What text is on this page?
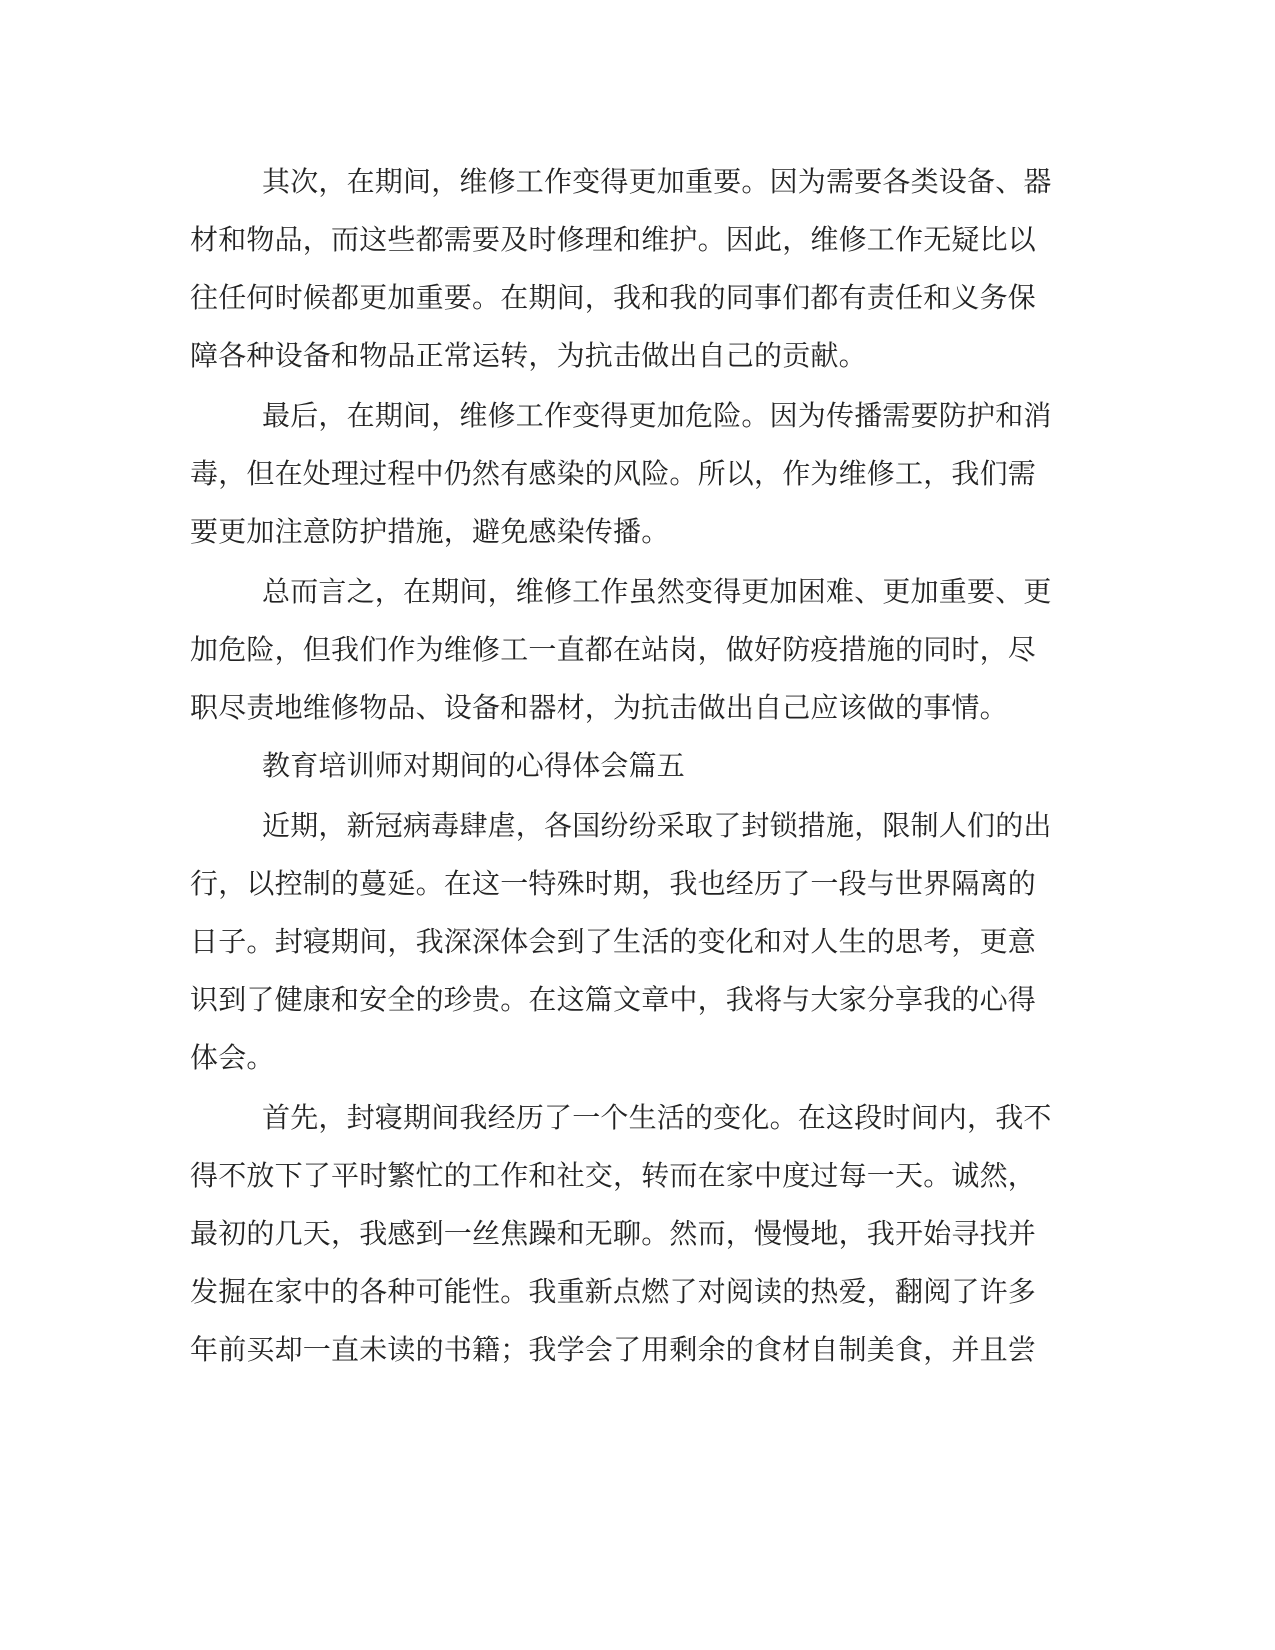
其次，在期间，维修工作变得更加重要。因为需要各类设备、器
材和物品，而这些都需要及时修理和维护。因此，维修工作无疑比以
往任何时候都更加重要。在期间，我和我的同事们都有责任和义务保
障各种设备和物品正常运转，为抗击做出自己的贡献。
最后，在期间，维修工作变得更加危险。因为传播需要防护和消
毒，但在处理过程中仍然有感染的风险。所以，作为维修工，我们需
要更加注意防护措施，避免感染传播。
总而言之，在期间，维修工作虽然变得更加困难、更加重要、更
加危险，但我们作为维修工一直都在站岗，做好防疫措施的同时，尽
职尽责地维修物品、设备和器材，为抗击做出自己应该做的事情。
教育培训师对期间的心得体会篇五
近期，新冠病毒肆虐，各国纷纷采取了封锁措施，限制人们的出
行，以控制的蔓延。在这一特殊时期，我也经历了一段与世界隔离的
日子。封寝期间，我深深体会到了生活的变化和对人生的思考，更意
识到了健康和安全的珍贵。在这篇文章中，我将与大家分享我的心得
体会。
首先，封寝期间我经历了一个生活的变化。在这段时间内，我不
得不放下了平时繁忙的工作和社交，转而在家中度过每一天。诚然，
最初的几天，我感到一丝焦躁和无聊。然而，慢慢地，我开始寻找并
发掘在家中的各种可能性。我重新点燃了对阅读的热爱，翻阅了许多
年前买却一直未读的书籍；我学会了用剩余的食材自制美食，并且尝
